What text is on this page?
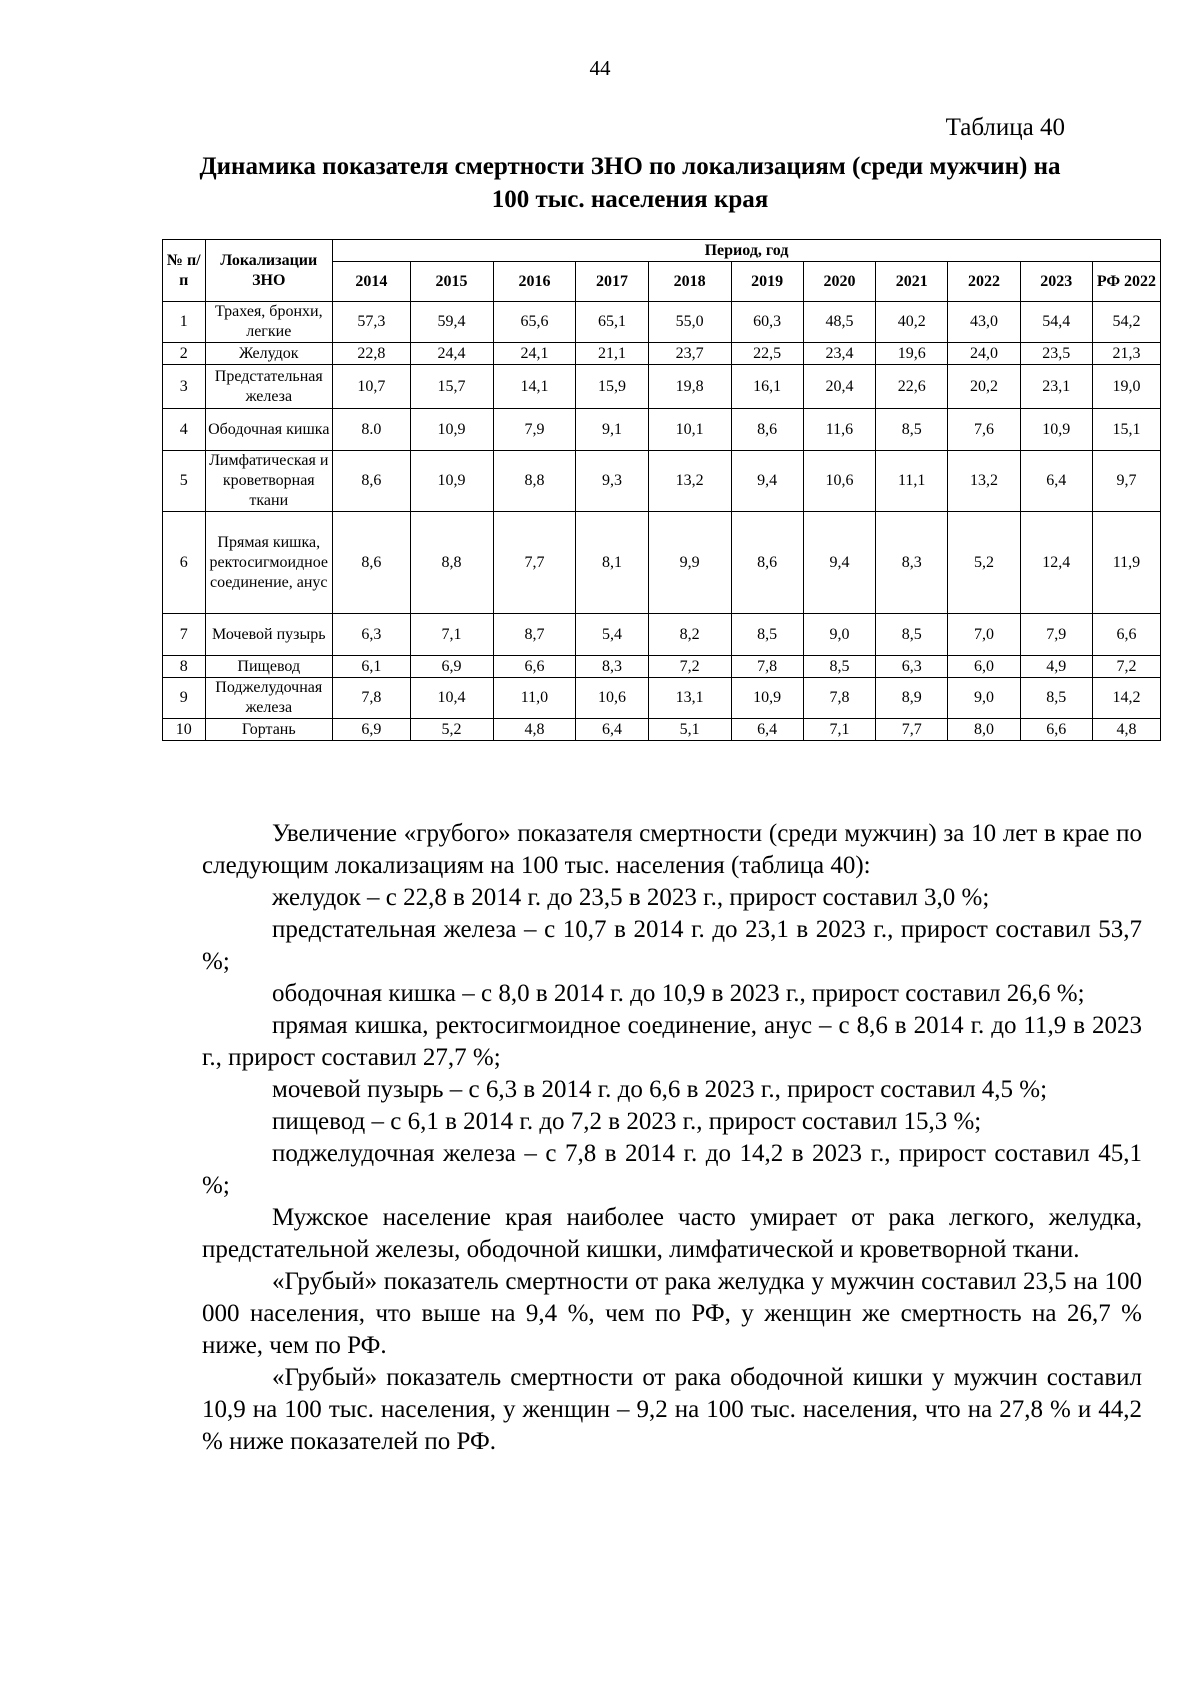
44
Таблица 40
Динамика показателя смертности ЗНО по локализациям (среди мужчин) на 100 тыс. населения края
№ п/п	Локализации ЗНО	Период, год										
		2014	2015	2016	2017	2018	2019	2020	2021	2022	2023	РФ 2022
1	Трахея, бронхи, легкие	57,3	59,4	65,6	65,1	55,0	60,3	48,5	40,2	43,0	54,4	54,2
2	Желудок	22,8	24,4	24,1	21,1	23,7	22,5	23,4	19,6	24,0	23,5	21,3
3	Предстательная железа	10,7	15,7	14,1	15,9	19,8	16,1	20,4	22,6	20,2	23,1	19,0
4	Ободочная кишка	8.0	10,9	7,9	9,1	10,1	8,6	11,6	8,5	7,6	10,9	15,1
5	Лимфатическая и кроветворная ткани	8,6	10,9	8,8	9,3	13,2	9,4	10,6	11,1	13,2	6,4	9,7
6	Прямая кишка, ректосигмоидное соединение, анус	8,6	8,8	7,7	8,1	9,9	8,6	9,4	8,3	5,2	12,4	11,9
7	Мочевой пузырь	6,3	7,1	8,7	5,4	8,2	8,5	9,0	8,5	7,0	7,9	6,6
8	Пищевод	6,1	6,9	6,6	8,3	7,2	7,8	8,5	6,3	6,0	4,9	7,2
9	Поджелудочная железа	7,8	10,4	11,0	10,6	13,1	10,9	7,8	8,9	9,0	8,5	14,2
10	Гортань	6,9	5,2	4,8	6,4	5,1	6,4	7,1	7,7	8,0	6,6	4,8

Увеличение «грубого» показателя смертности (среди мужчин) за 10 лет в крае по следующим локализациям на 100 тыс. населения (таблица 40):

желудок – с 22,8 в 2014 г. до 23,5 в 2023 г., прирост составил 3,0 %;

предстательная железа – с 10,7 в 2014 г. до 23,1 в 2023 г., прирост составил 53,7 %;

ободочная кишка – с 8,0 в 2014 г. до 10,9 в 2023 г., прирост составил 26,6 %;

прямая кишка, ректосигмоидное соединение, анус – с 8,6 в 2014 г. до 11,9 в 2023 г., прирост составил 27,7 %;

мочевой пузырь – с 6,3 в 2014 г. до 6,6 в 2023 г., прирост составил 4,5 %;

пищевод – с 6,1 в 2014 г. до 7,2 в 2023 г., прирост составил 15,3 %;

поджелудочная железа – с 7,8 в 2014 г. до 14,2 в 2023 г., прирост составил 45,1 %;

Мужское население края наиболее часто умирает от рака легкого, желудка, предстательной железы, ободочной кишки, лимфатической и кроветворной ткани.

«Грубый» показатель смертности от рака желудка у мужчин составил 23,5 на 100 000 населения, что выше на 9,4 %, чем по РФ, у женщин же смертность на 26,7 % ниже, чем по РФ.

«Грубый» показатель смертности от рака ободочной кишки у мужчин составил 10,9 на 100 тыс. населения, у женщин – 9,2 на 100 тыс. населения, что на 27,8 % и 44,2 % ниже показателей по РФ.
